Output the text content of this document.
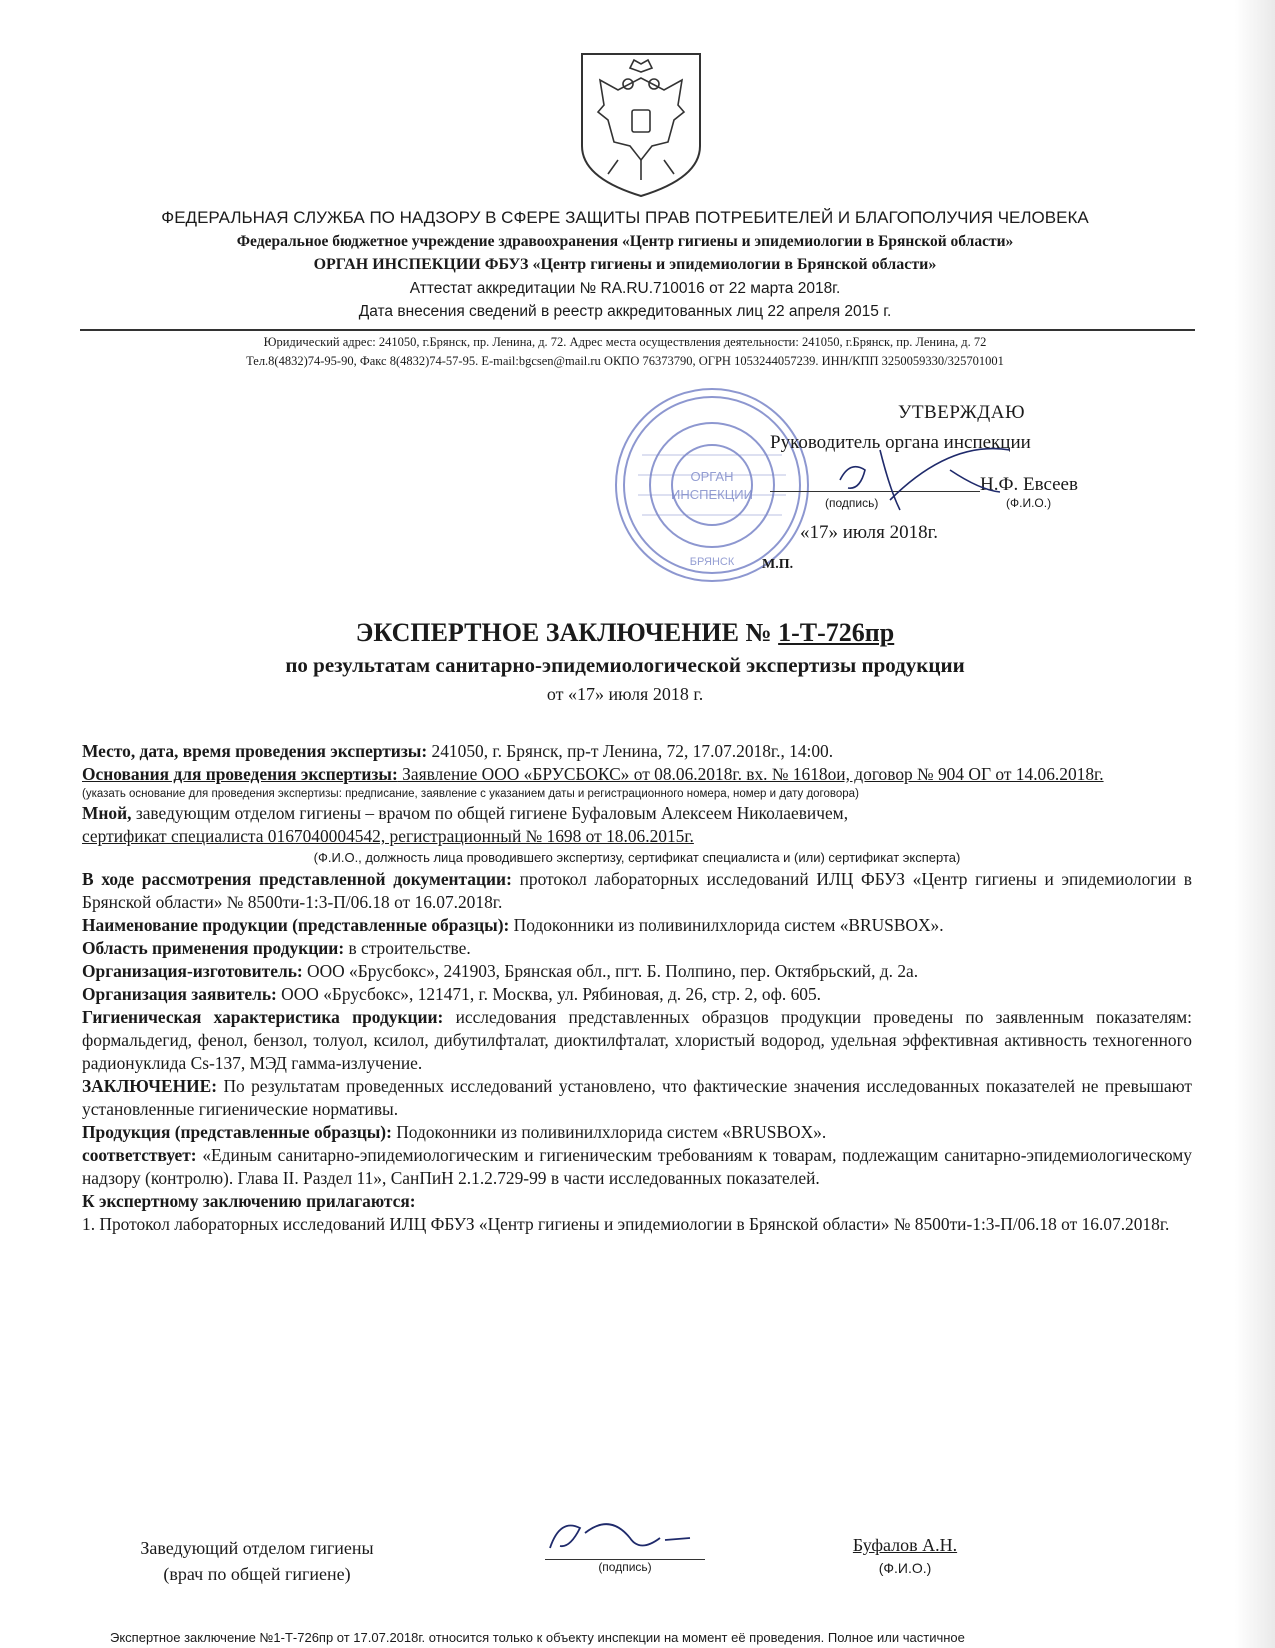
ФЕДЕРАЛЬНАЯ СЛУЖБА ПО НАДЗОРУ В СФЕРЕ ЗАЩИТЫ ПРАВ ПОТРЕБИТЕЛЕЙ И БЛАГОПОЛУЧИЯ ЧЕЛОВЕКА
Федеральное бюджетное учреждение здравоохранения «Центр гигиены и эпидемиологии в Брянской области»
ОРГАН ИНСПЕКЦИИ ФБУЗ «Центр гигиены и эпидемиологии в Брянской области»
Аттестат аккредитации № RA.RU.710016 от 22 марта 2018г.
Дата внесения сведений в реестр аккредитованных лиц 22 апреля 2015 г.
Юридический адрес: 241050, г.Брянск, пр. Ленина, д. 72. Адрес места осуществления деятельности: 241050, г.Брянск, пр. Ленина, д. 72
Тел.8(4832)74-95-90, Факс 8(4832)74-57-95. E-mail:bgcsen@mail.ru ОКПО 76373790, ОГРН 1053244057239. ИНН/КПП 3250059330/325701001
ОРГАН
БРЯНСК
УТВЕРЖДАЮ
Руководитель органа инспекции
Н.Ф. Евсеев
(подпись)	(Ф.И.О.)
«17» июля 2018г.
М.П.
ЭКСПЕРТНОЕ ЗАКЛЮЧЕНИЕ № 1-Т-726пр
по результатам санитарно-эпидемиологической экспертизы продукции
от «17» июля 2018 г.

Место, дата, время проведения экспертизы: 241050, г. Брянск, пр-т Ленина, 72, 17.07.2018г., 14:00.

Основания для проведения экспертизы: Заявление ООО «БРУСБОКС» от 08.06.2018г. вх. № 1618ои, договор № 904 ОГ от 14.06.2018г.

(указать основание для проведения экспертизы: предписание, заявление с указанием даты и регистрационного номера, номер и дату договора)

Мной, заведующим отделом гигиены – врачом по общей гигиене Буфаловым Алексеем Николаевичем,

сертификат специалиста 0167040004542, регистрационный № 1698 от 18.06.2015г.

(Ф.И.О., должность лица проводившего экспертизу, сертификат специалиста и (или) сертификат эксперта)

В ходе рассмотрения представленной документации: протокол лабораторных исследований ИЛЦ ФБУЗ «Центр гигиены и эпидемиологии в Брянской области» № 8500ти-1:3-П/06.18 от 16.07.2018г.

Наименование продукции (представленные образцы): Подоконники из поливинилхлорида систем «BRUSBOX».

Область применения продукции: в строительстве.

Организация-изготовитель: ООО «Брусбокс», 241903, Брянская обл., пгт. Б. Полпино, пер. Октябрьский, д. 2а.

Организация заявитель: ООО «Брусбокс», 121471, г. Москва, ул. Рябиновая, д. 26, стр. 2, оф. 605.

Гигиеническая характеристика продукции: исследования представленных образцов продукции проведены по заявленным показателям: формальдегид, фенол, бензол, толуол, ксилол, дибутилфталат, диоктилфталат, хлористый водород, удельная эффективная активность техногенного радионуклида Cs-137, МЭД гамма-излучение.

ЗАКЛЮЧЕНИЕ: По результатам проведенных исследований установлено, что фактические значения исследованных показателей не превышают установленные гигиенические нормативы.

Продукция (представленные образцы): Подоконники из поливинилхлорида систем «BRUSBOX».

соответствует: «Единым санитарно-эпидемиологическим и гигиеническим требованиям к товарам, подлежащим санитарно-эпидемиологическому надзору (контролю). Глава II. Раздел 11», СанПиН 2.1.2.729-99 в части исследованных показателей.

К экспертному заключению прилагаются:

1. Протокол лабораторных исследований ИЛЦ ФБУЗ «Центр гигиены и эпидемиологии в Брянской области» № 8500ти-1:3-П/06.18 от 16.07.2018г.

Заведующий отделом гигиены
(врач по общей гигиене)	(подпись)
Буфалов А.Н.
(Ф.И.О.)
Экспертное заключение №1-Т-726пр от 17.07.2018г. относится только к объекту инспекции на момент её проведения. Полное или частичное
